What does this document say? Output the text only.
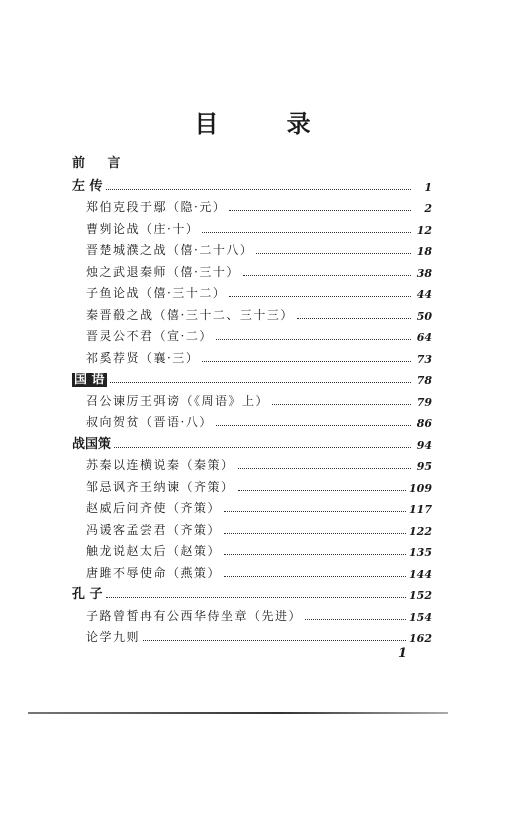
目 录
前 言
左 传	1
郑伯克段于鄢（隐·元）	2
曹刿论战（庄·十）	12
晋楚城濮之战（僖·二十八）	18
烛之武退秦师（僖·三十）	38
子鱼论战（僖·三十二）	44
秦晋殽之战（僖·三十二、三十三）	50
晋灵公不君（宣·二）	64
祁奚荐贤（襄·三）	73
国 语	78
召公谏厉王弭谤（《周语》上）	79
叔向贺贫（晋语·八）	86
战国策	94
苏秦以连横说秦（秦策）	95
邹忌讽齐王纳谏（齐策）	109
赵威后问齐使（齐策）	117
冯谖客孟尝君（齐策）	122
触龙说赵太后（赵策）	135
唐雎不辱使命（燕策）	144
孔 子	152
子路曾皙冉有公西华侍坐章（先进）	154
论学九则	162
1
